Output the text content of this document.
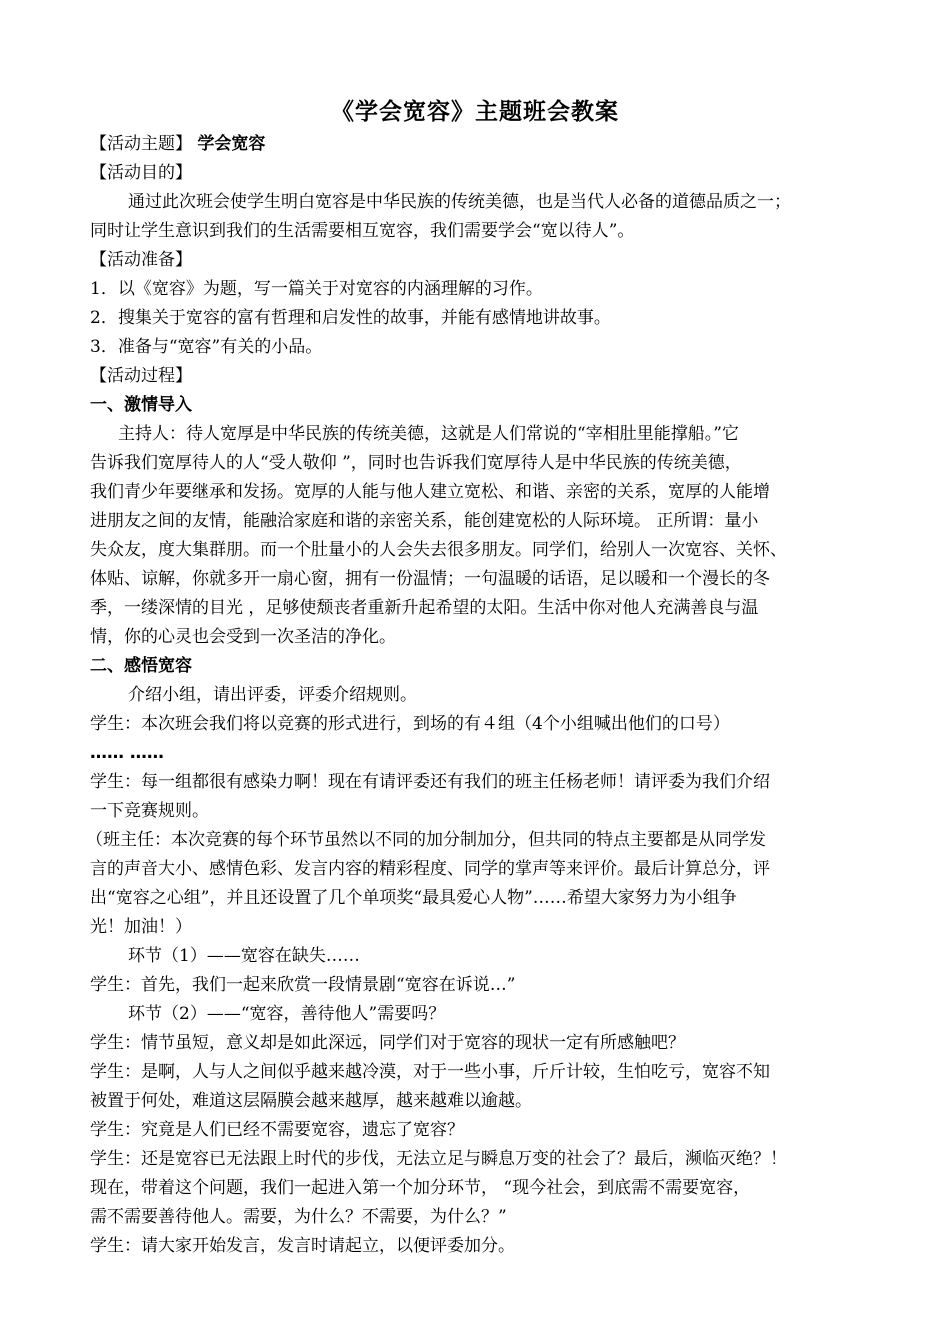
《学会宽容》主题班会教案
【活动主题】 学会宽容
【活动目的】
通过此次班会使学生明白宽容是中华民族的传统美德，也是当代人必备的道德品质之一；
同时让学生意识到我们的生活需要相互宽容，我们需要学会“宽以待人”。
【活动准备】
1．以《宽容》为题，写一篇关于对宽容的内涵理解的习作。
2．搜集关于宽容的富有哲理和启发性的故事，并能有感情地讲故事。
3．准备与“宽容”有关的小品。
【活动过程】
一、激情导入
主持人：待人宽厚是中华民族的传统美德，这就是人们常说的“宰相肚里能撑船。”它
告诉我们宽厚待人的人“受人敬仰 ”，同时也告诉我们宽厚待人是中华民族的传统美德，
我们青少年要继承和发扬。宽厚的人能与他人建立宽松、和谐、亲密的关系，宽厚的人能增
进朋友之间的友情，能融洽家庭和谐的亲密关系，能创建宽松的人际环境。 正所谓：量小
失众友，度大集群朋。而一个肚量小的人会失去很多朋友。同学们，给别人一次宽容、关怀、
体贴、谅解，你就多开一扇心窗，拥有一份温情；一句温暖的话语，足以暖和一个漫长的冬
季，一缕深情的目光 ，足够使颓丧者重新升起希望的太阳。生活中你对他人充满善良与温
情，你的心灵也会受到一次圣洁的净化。
二、感悟宽容
介绍小组，请出评委，评委介绍规则。
学生：本次班会我们将以竞赛的形式进行，到场的有４组（4个小组喊出他们的口号）
…… ……
学生：每一组都很有感染力啊！现在有请评委还有我们的班主任杨老师！请评委为我们介绍
一下竞赛规则。
（班主任：本次竞赛的每个环节虽然以不同的加分制加分，但共同的特点主要都是从同学发
言的声音大小、感情色彩、发言内容的精彩程度、同学的掌声等来评价。最后计算总分，评
出“宽容之心组”，并且还设置了几个单项奖“最具爱心人物”……希望大家努力为小组争
光！加油！）
环节（1）——宽容在缺失……
学生：首先，我们一起来欣赏一段情景剧“宽容在诉说…”
环节（2）——“宽容，善待他人”需要吗？
学生：情节虽短，意义却是如此深远，同学们对于宽容的现状一定有所感触吧？
学生：是啊，人与人之间似乎越来越冷漠，对于一些小事，斤斤计较，生怕吃亏，宽容不知
被置于何处，难道这层隔膜会越来越厚，越来越难以逾越。
学生：究竟是人们已经不需要宽容，遗忘了宽容？
学生：还是宽容已无法跟上时代的步伐，无法立足与瞬息万变的社会了？最后，濒临灭绝？！
现在，带着这个问题，我们一起进入第一个加分环节， “现今社会，到底需不需要宽容，
需不需要善待他人。需要，为什么？不需要，为什么？”
学生：请大家开始发言，发言时请起立，以便评委加分。
